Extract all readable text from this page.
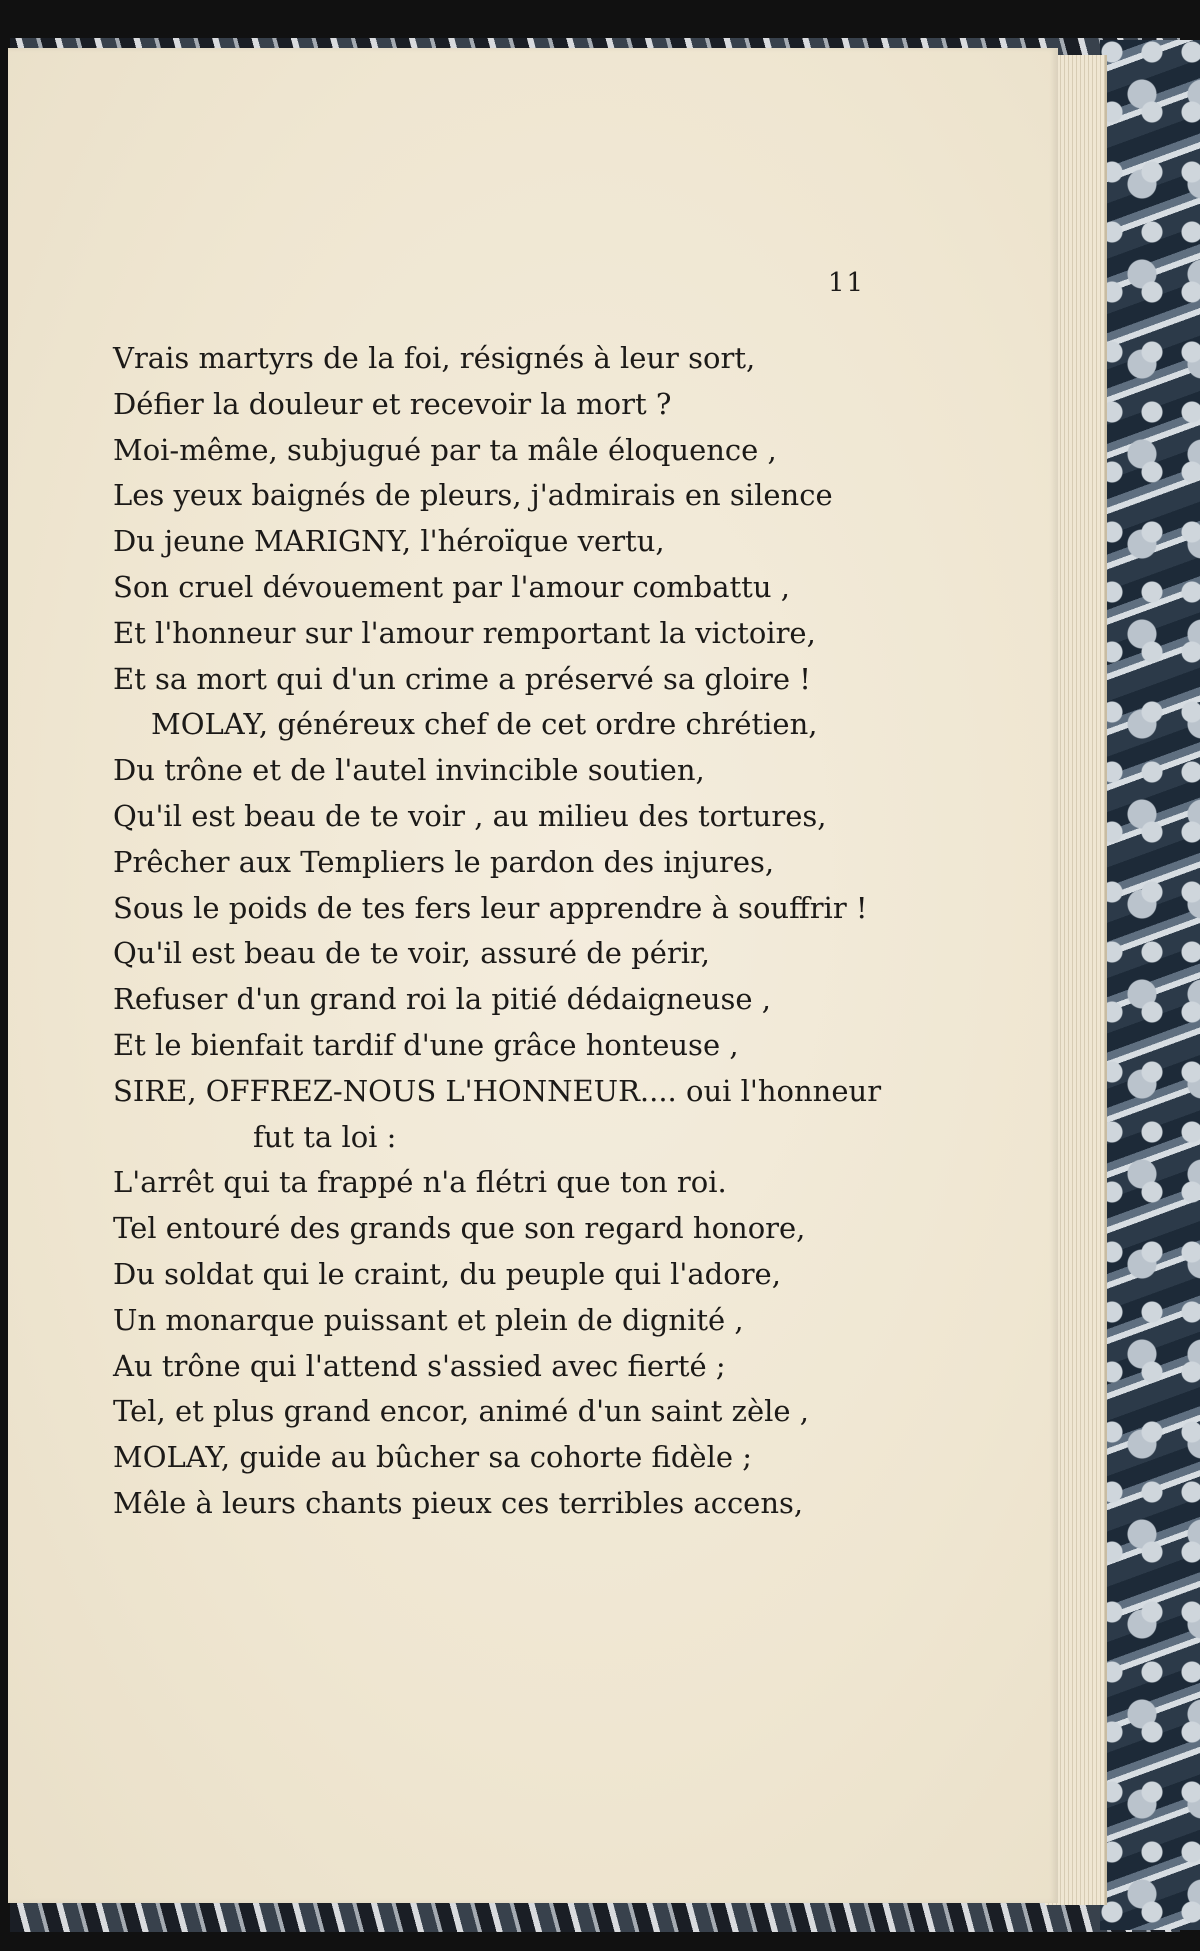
11
Vrais martyrs de la foi, résignés à leur sort,
Défier la douleur et recevoir la mort ?
Moi-même, subjugué par ta mâle éloquence ,
Les yeux baignés de pleurs, j'admirais en silence
Du jeune MARIGNY, l'héroïque vertu,
Son cruel dévouement par l'amour combattu ,
Et l'honneur sur l'amour remportant la victoire,
Et sa mort qui d'un crime a préservé sa gloire !
MOLAY, généreux chef de cet ordre chrétien,
Du trône et de l'autel invincible soutien,
Qu'il est beau de te voir , au milieu des tortures,
Prêcher aux Templiers le pardon des injures,
Sous le poids de tes fers leur apprendre à souffrir !
Qu'il est beau de te voir, assuré de périr,
Refuser d'un grand roi la pitié dédaigneuse ,
Et le bienfait tardif d'une grâce honteuse ,
SIRE, OFFREZ-NOUS L'HONNEUR.... oui l'honneur
fut ta loi :
L'arrêt qui ta frappé n'a flétri que ton roi.
Tel entouré des grands que son regard honore,
Du soldat qui le craint, du peuple qui l'adore,
Un monarque puissant et plein de dignité ,
Au trône qui l'attend s'assied avec fierté ;
Tel, et plus grand encor, animé d'un saint zèle ,
MOLAY, guide au bûcher sa cohorte fidèle ;
Mêle à leurs chants pieux ces terribles accens,
